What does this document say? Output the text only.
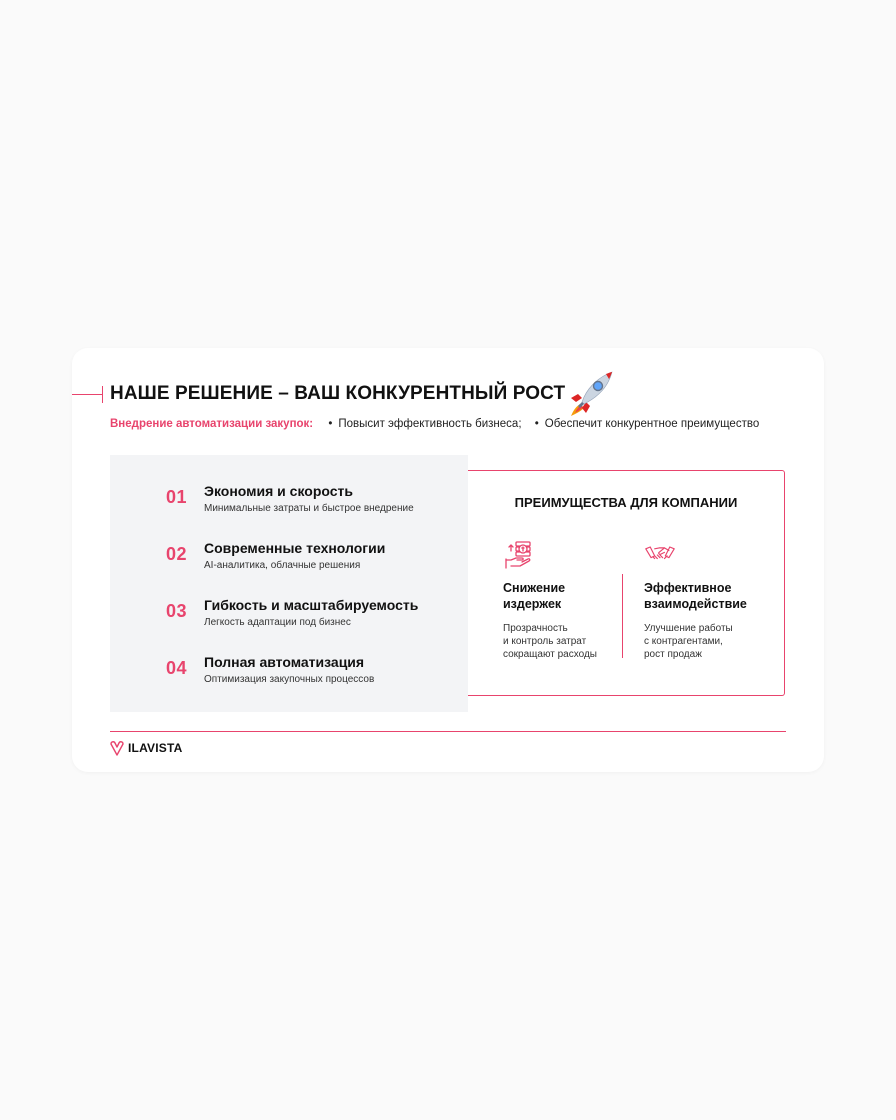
НАШЕ РЕШЕНИЕ – ВАШ КОНКУРЕНТНЫЙ РОСТ
Внедрение автоматизации закупок: • Повысит эффективность бизнеса; • Обеспечит конкурентное преимущество
01 Экономия и скорость
Минимальные затраты и быстрое внедрение
02 Современные технологии
AI-аналитика, облачные решения
03 Гибкость и масштабируемость
Легкость адаптации под бизнес
04 Полная автоматизация
Оптимизация закупочных процессов
ПРЕИМУЩЕСТВА ДЛЯ КОМПАНИИ
Снижение
издержек
Прозрачность
и контроль затрат
сокращают расходы
Эффективное
взаимодействие
Улучшение работы
с контрагентами,
рост продаж
ILAVISTA
